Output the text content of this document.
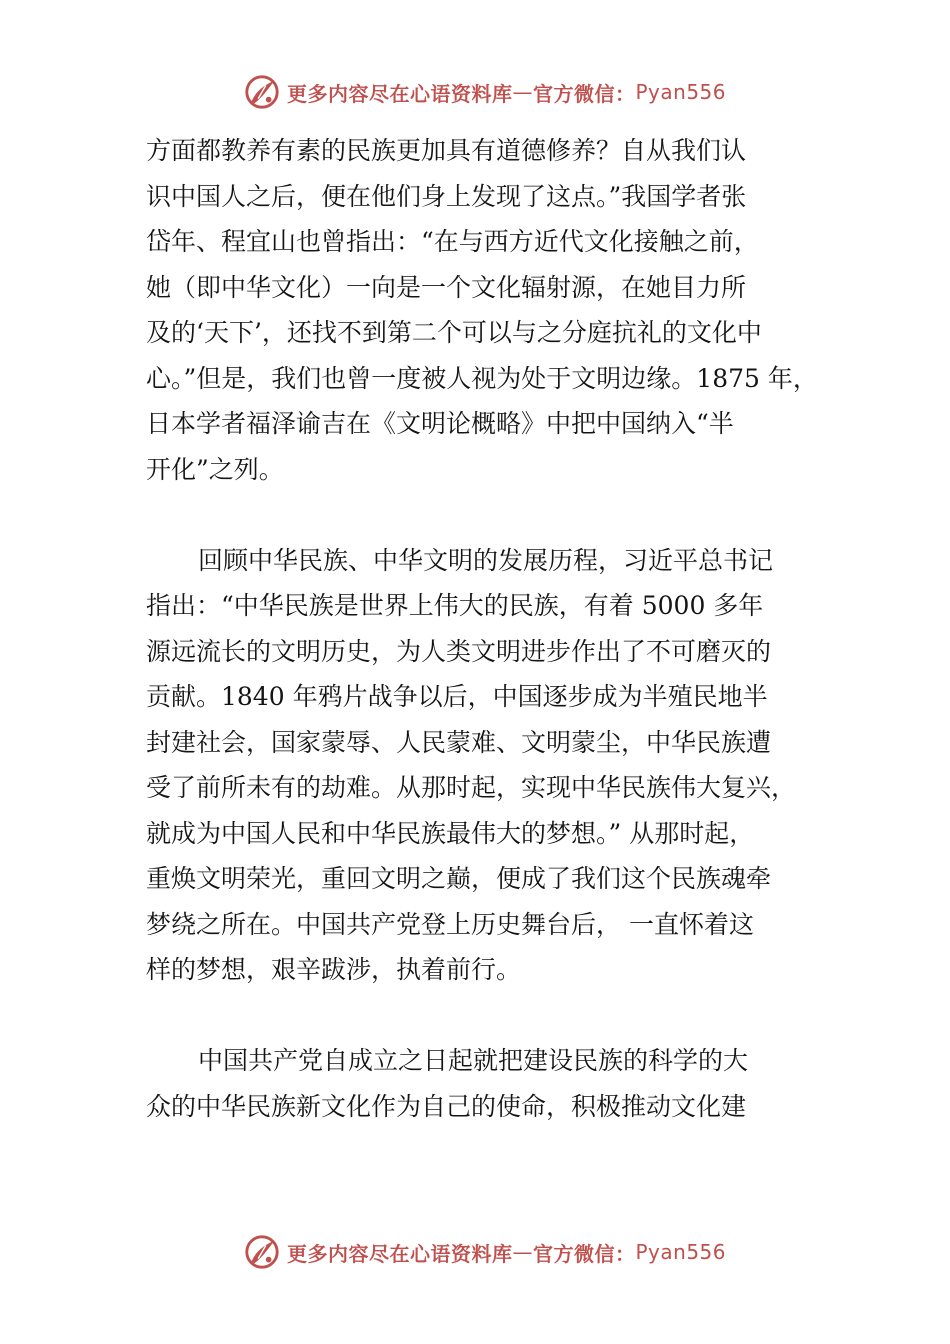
更多内容尽在心语资料库 — 官方微信： Pyan556
方面都教养有素的民族更加具有道德修养？自从我们认
识中国人之后，便在他们身上发现了这点。”我国学者张
岱年、程宜山也曾指出：“在与西方近代文化接触之前，
她（即中华文化）一向是一个文化辐射源，在她目力所
及的‘天下’，还找不到第二个可以与之分庭抗礼的文化中
心。”但是，我们也曾一度被人视为处于文明边缘。1875 年，
日本学者福泽谕吉在《文明论概略》中把中国纳入“半
开化”之列。
回顾中华民族、中华文明的发展历程，习近平总书记
指出：“中华民族是世界上伟大的民族，有着 5000 多年
源远流长的文明历史，为人类文明进步作出了不可磨灭的
贡献。1840 年鸦片战争以后，中国逐步成为半殖民地半
封建社会，国家蒙辱、人民蒙难、文明蒙尘，中华民族遭
受了前所未有的劫难。从那时起，实现中华民族伟大复兴，
就成为中国人民和中华民族最伟大的梦想。” 从那时起，
重焕文明荣光，重回文明之巅，便成了我们这个民族魂牵
梦绕之所在。中国共产党登上历史舞台后， 一直怀着这
样的梦想，艰辛跋涉，执着前行。
中国共产党自成立之日起就把建设民族的科学的大
众的中华民族新文化作为自己的使命，积极推动文化建
更多内容尽在心语资料库 — 官方微信： Pyan556
